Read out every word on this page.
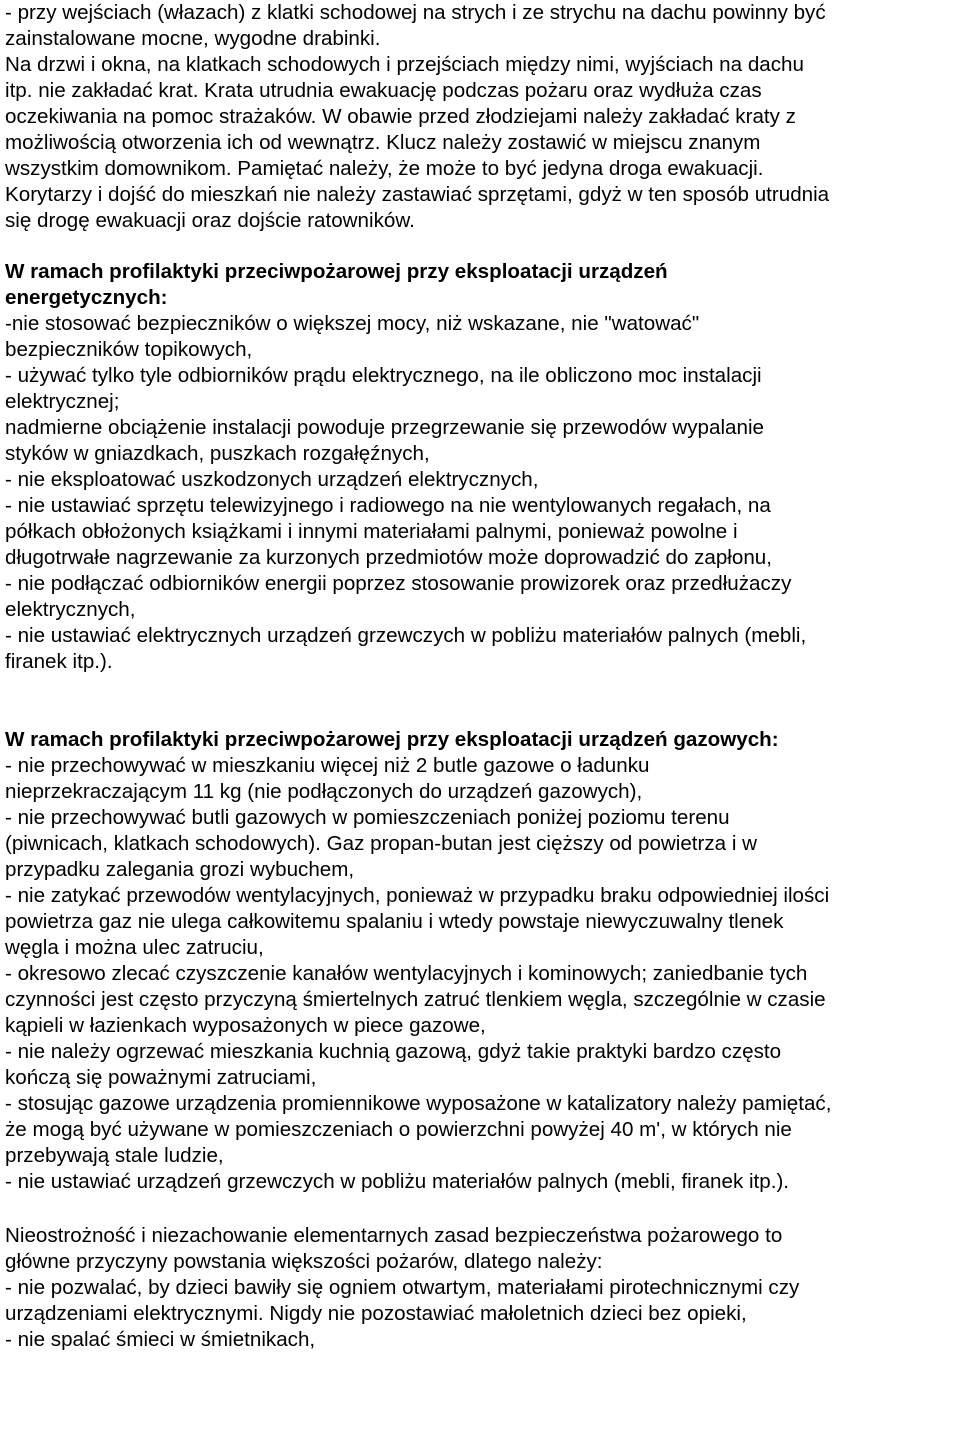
- przy wejściach (włazach) z klatki schodowej na strych i ze strychu na dachu powinny być
zainstalowane mocne, wygodne drabinki.
Na drzwi i okna, na klatkach schodowych i przejściach między nimi, wyjściach na dachu
itp. nie zakładać krat. Krata utrudnia ewakuację podczas pożaru oraz wydłuża czas
oczekiwania na pomoc strażaków. W obawie przed złodziejami należy zakładać kraty z
możliwością otworzenia ich od wewnątrz. Klucz należy zostawić w miejscu znanym
wszystkim domownikom. Pamiętać należy, że może to być jedyna droga ewakuacji.
Korytarzy i dojść do mieszkań nie należy zastawiać sprzętami, gdyż w ten sposób utrudnia
się drogę ewakuacji oraz dojście ratowników.
W ramach profilaktyki przeciwpożarowej przy eksploatacji urządzeń
energetycznych:
-nie stosować bezpieczników o większej mocy, niż wskazane, nie "watować"
bezpieczników topikowych,
- używać tylko tyle odbiorników prądu elektrycznego, na ile obliczono moc instalacji
elektrycznej;
nadmierne obciążenie instalacji powoduje przegrzewanie się przewodów wypalanie
styków w gniazdkach, puszkach rozgałęźnych,
- nie eksploatować uszkodzonych urządzeń elektrycznych,
- nie ustawiać sprzętu telewizyjnego i radiowego na nie wentylowanych regałach, na
półkach obłożonych książkami i innymi materiałami palnymi, ponieważ powolne i
długotrwałe nagrzewanie za kurzonych przedmiotów może doprowadzić do zapłonu,
- nie podłączać odbiorników energii poprzez stosowanie prowizorek oraz przedłużaczy
elektrycznych,
- nie ustawiać elektrycznych urządzeń grzewczych w pobliżu materiałów palnych (mebli,
firanek itp.).
W ramach profilaktyki przeciwpożarowej przy eksploatacji urządzeń gazowych:
- nie przechowywać w mieszkaniu więcej niż 2 butle gazowe o ładunku
nieprzekraczającym 11 kg (nie podłączonych do urządzeń gazowych),
- nie przechowywać butli gazowych w pomieszczeniach poniżej poziomu terenu
(piwnicach, klatkach schodowych). Gaz propan-butan jest cięższy od powietrza i w
przypadku zalegania grozi wybuchem,
- nie zatykać przewodów wentylacyjnych, ponieważ w przypadku braku odpowiedniej ilości
powietrza gaz nie ulega całkowitemu spalaniu i wtedy powstaje niewyczuwalny tlenek
węgla i można ulec zatruciu,
- okresowo zlecać czyszczenie kanałów wentylacyjnych i kominowych; zaniedbanie tych
czynności jest często przyczyną śmiertelnych zatruć tlenkiem węgla, szczególnie w czasie
kąpieli w łazienkach wyposażonych w piece gazowe,
- nie należy ogrzewać mieszkania kuchnią gazową, gdyż takie praktyki bardzo często
kończą się poważnymi zatruciami,
- stosując gazowe urządzenia promiennikowe wyposażone w katalizatory należy pamiętać,
że mogą być używane w pomieszczeniach o powierzchni powyżej 40 m', w których nie
przebywają stale ludzie,
- nie ustawiać urządzeń grzewczych w pobliżu materiałów palnych (mebli, firanek itp.).
Nieostrożność i niezachowanie elementarnych zasad bezpieczeństwa pożarowego to
główne przyczyny powstania większości pożarów, dlatego należy:
- nie pozwalać, by dzieci bawiły się ogniem otwartym, materiałami pirotechnicznymi czy
urządzeniami elektrycznymi. Nigdy nie pozostawiać małoletnich dzieci bez opieki,
- nie spalać śmieci w śmietnikach,
